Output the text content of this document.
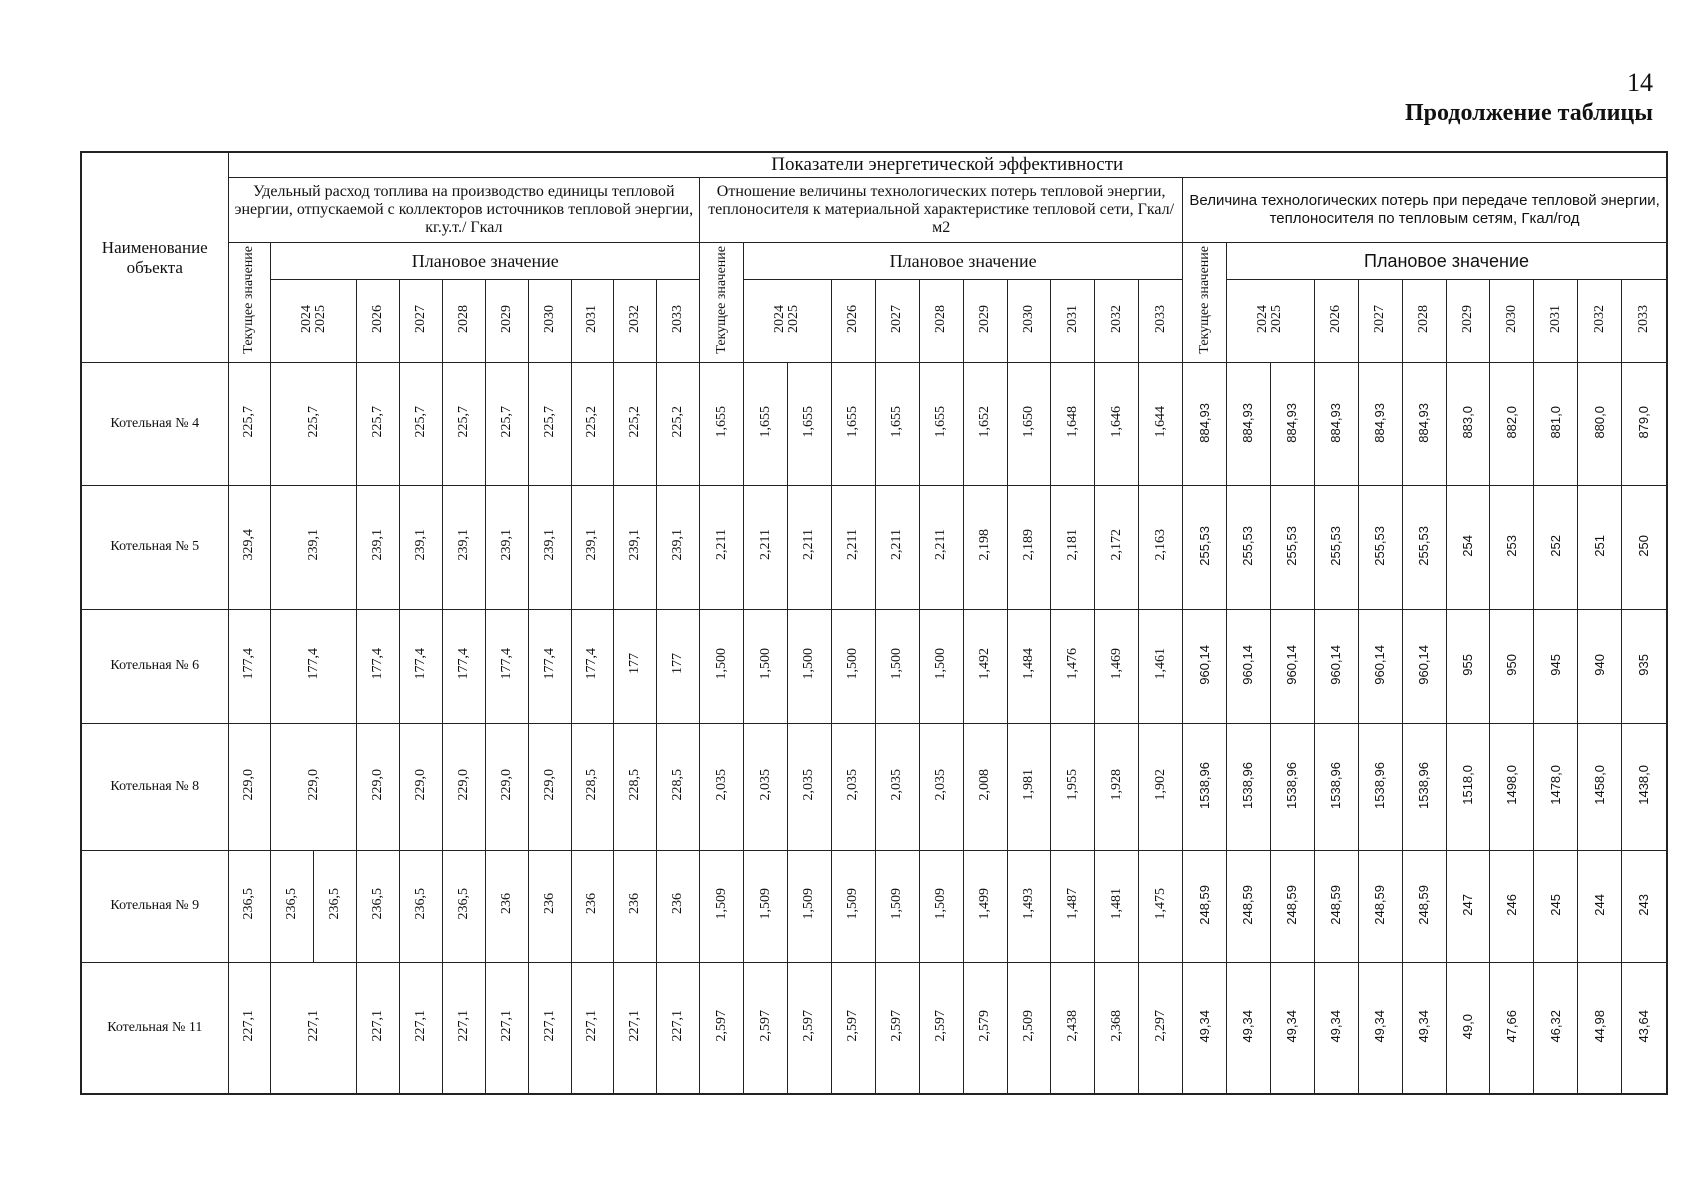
14
Продолжение таблицы
Наименование объекта	Показатели энергетической эффективности																																
	Удельный расход топлива на производство единицы тепловой энергии, отпускаемой с коллекторов источников тепловой энергии, кг.у.т./ Гкал											Отношение величины технологических потерь тепловой энергии, теплоносителя к материальной характеристике тепловой сети, Гкал/м2											Величина технологических потерь при передаче тепловой энергии, теплоносителя по тепловым сетям, Гкал/год										
	Текущее значение	Плановое значение										Текущее значение	Плановое значение										Текущее значение	Плановое значение									

		2024 2025		2026	2027	2028	2029	2030	2031	2032	2033		2024 2025		2026	2027	2028	2029	2030	2031	2032	2033		2024 2025		2026	2027	2028	2029	2030	2031	2032	2033
Котельная № 4	225,7	225,7		225,7	225,7	225,7	225,7	225,7	225,2	225,2	225,2	1,655	1,655	1,655	1,655	1,655	1,655	1,652	1,650	1,648	1,646	1,644	884,93	884,93	884,93	884,93	884,93	884,93	883,0	882,0	881,0	880,0	879,0
Котельная № 5	329,4	239,1		239,1	239,1	239,1	239,1	239,1	239,1	239,1	239,1	2,211	2,211	2,211	2,211	2,211	2,211	2,198	2,189	2,181	2,172	2,163	255,53	255,53	255,53	255,53	255,53	255,53	254	253	252	251	250
Котельная № 6	177,4	177,4		177,4	177,4	177,4	177,4	177,4	177,4	177	177	1,500	1,500	1,500	1,500	1,500	1,500	1,492	1,484	1,476	1,469	1,461	960,14	960,14	960,14	960,14	960,14	960,14	955	950	945	940	935
Котельная № 8	229,0	229,0		229,0	229,0	229,0	229,0	229,0	228,5	228,5	228,5	2,035	2,035	2,035	2,035	2,035	2,035	2,008	1,981	1,955	1,928	1,902	1538,96	1538,96	1538,96	1538,96	1538,96	1538,96	1518,0	1498,0	1478,0	1458,0	1438,0
Котельная № 9	236,5	236,5	236,5	236,5	236,5	236,5	236	236	236	236	236	1,509	1,509	1,509	1,509	1,509	1,509	1,499	1,493	1,487	1,481	1,475	248,59	248,59	248,59	248,59	248,59	248,59	247	246	245	244	243
Котельная № 11	227,1	227,1		227,1	227,1	227,1	227,1	227,1	227,1	227,1	227,1	2,597	2,597	2,597	2,597	2,597	2,597	2,579	2,509	2,438	2,368	2,297	49,34	49,34	49,34	49,34	49,34	49,34	49,0	47,66	46,32	44,98	43,64
